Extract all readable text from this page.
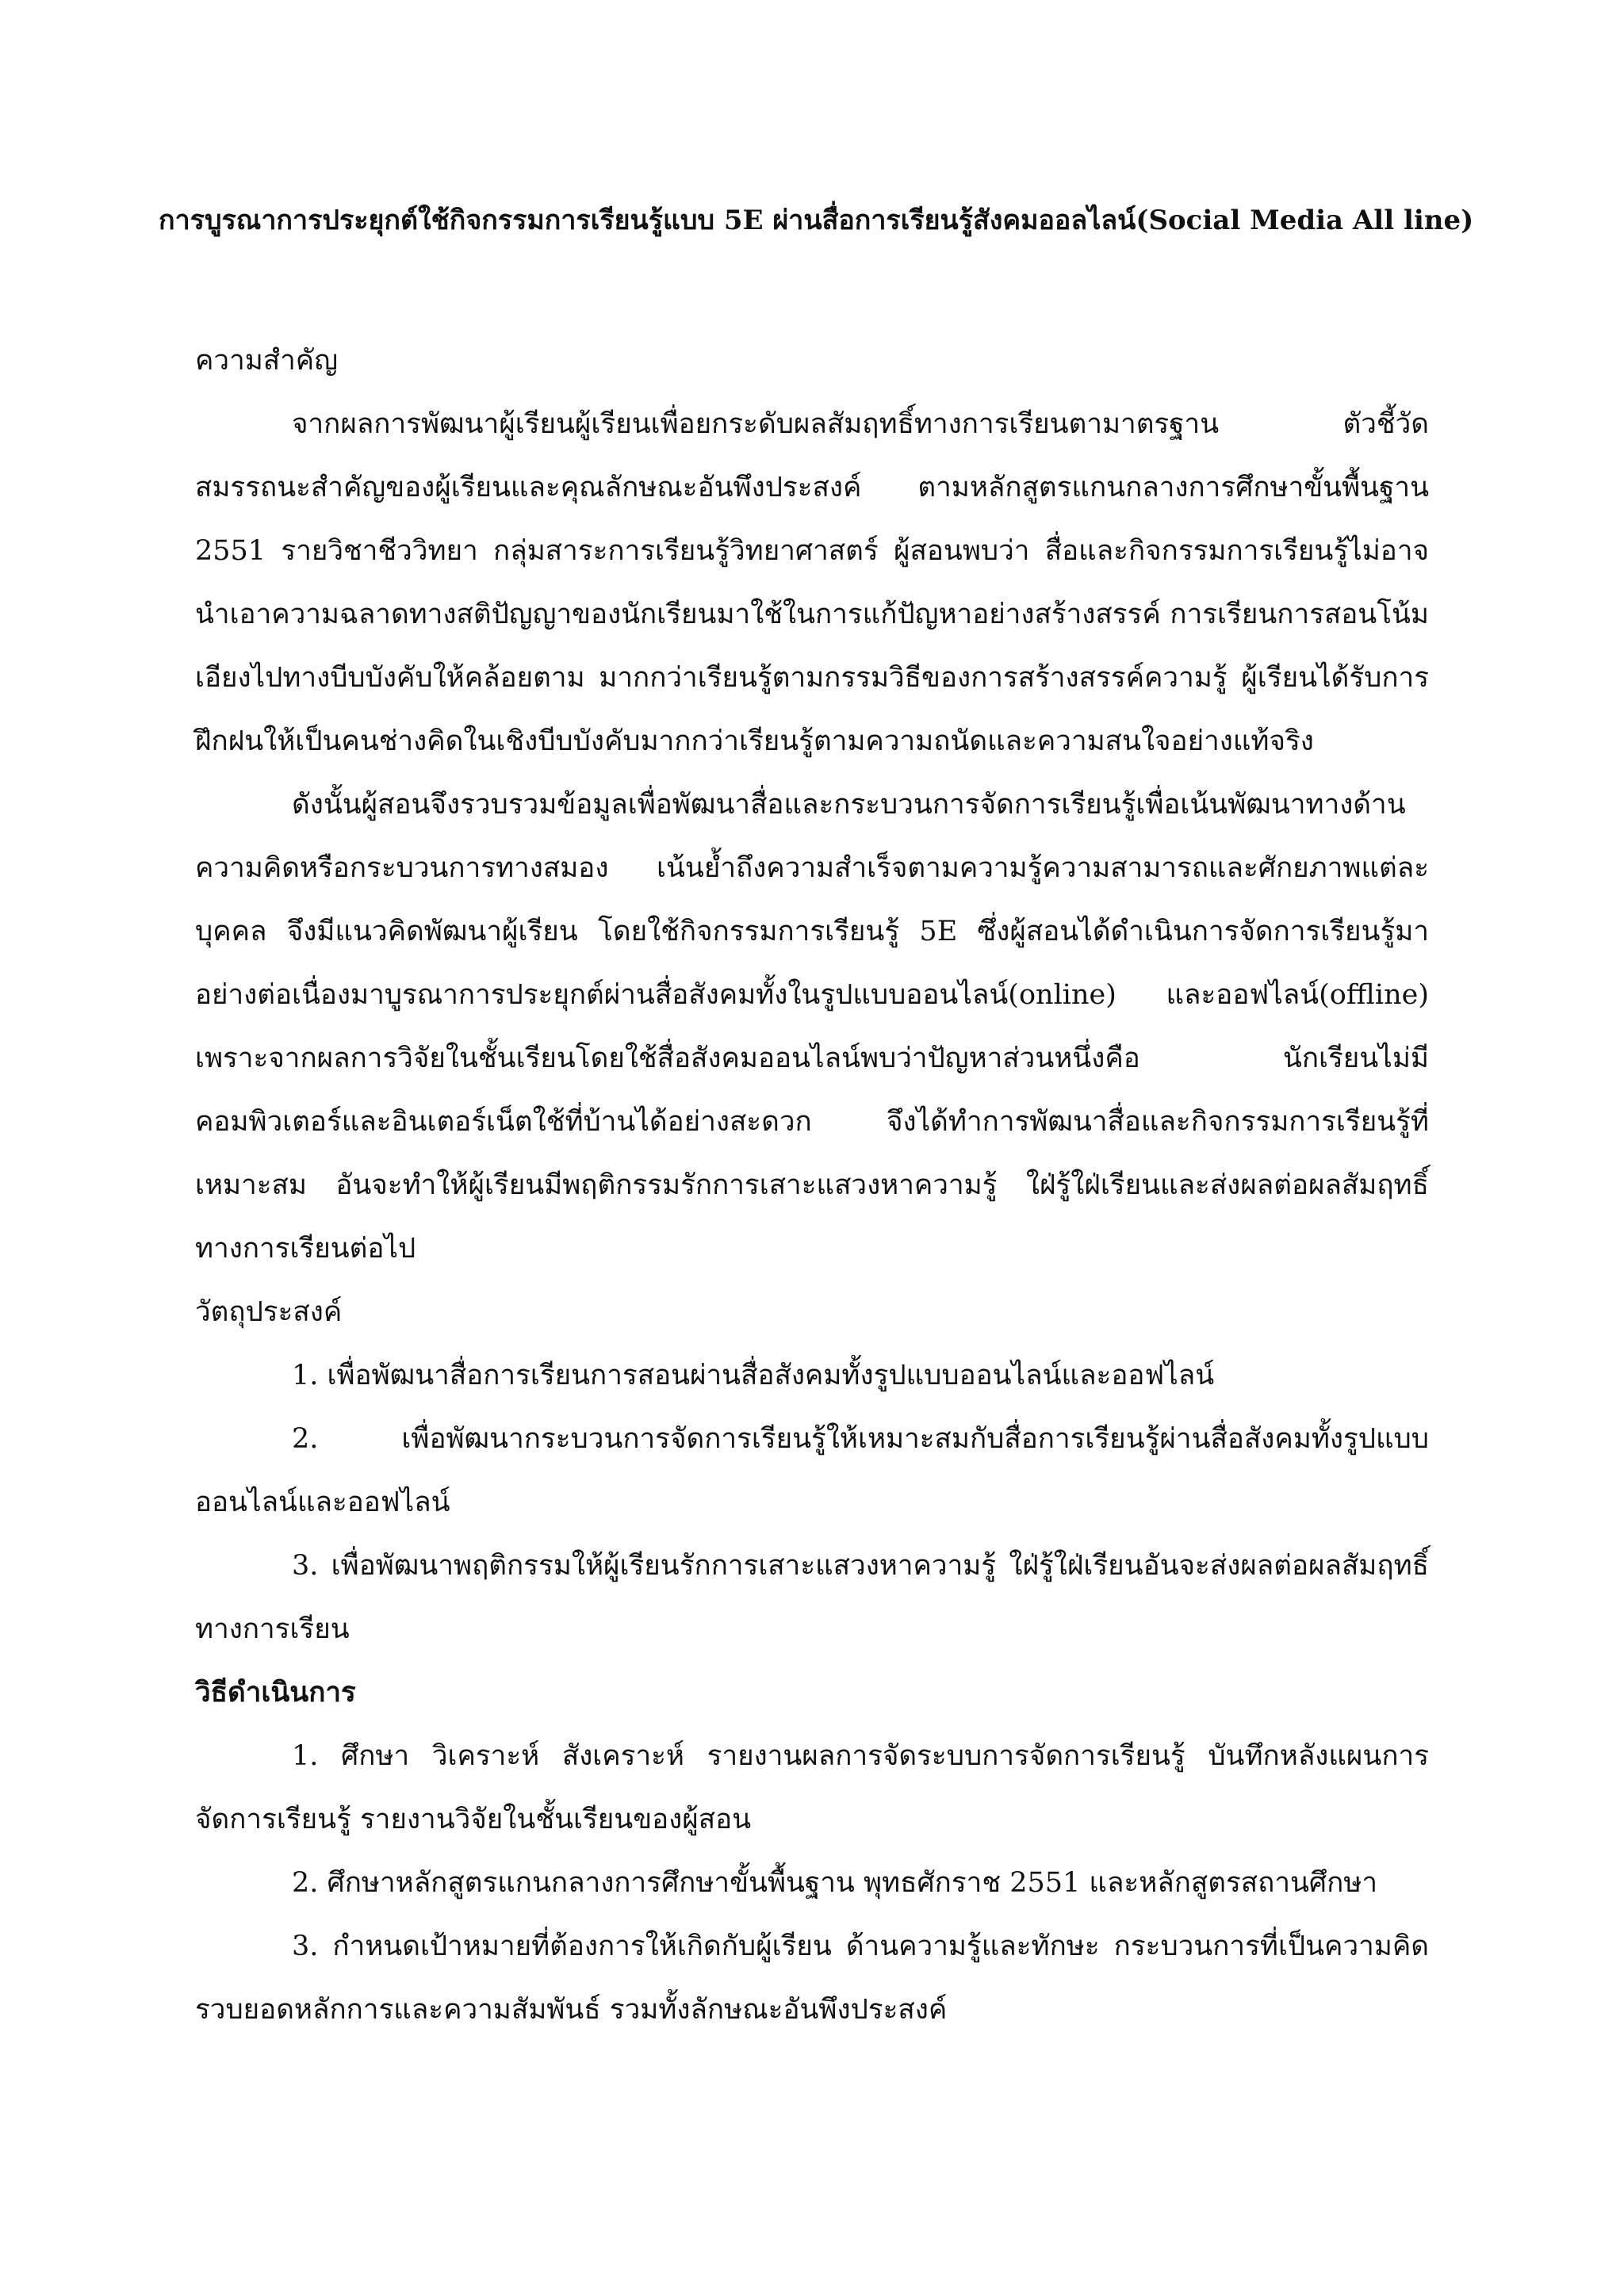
การบูรณาการประยุกต์ใช้กิจกรรมการเรียนรู้แบบ 5E ผ่านสื่อการเรียนรู้สังคมออลไลน์(Social Media All line)

ความสำคัญ

จากผลการพัฒนาผู้เรียนผู้เรียนเพื่อยกระดับผลสัมฤทธิ์ทางการเรียนตามาตรฐาน ตัวชี้วัด สมรรถนะสำคัญของผู้เรียนและคุณลักษณะอันพึงประสงค์ ตามหลักสูตรแกนกลางการศึกษาขั้นพื้นฐาน 2551 รายวิชาชีววิทยา กลุ่มสาระการเรียนรู้วิทยาศาสตร์ ผู้สอนพบว่า สื่อและกิจกรรมการเรียนรู้ไม่อาจนำเอาความฉลาดทางสติปัญญาของนักเรียนมาใช้ในการแก้ปัญหาอย่างสร้างสรรค์ การเรียนการสอนโน้มเอียงไปทางบีบบังคับให้คล้อยตาม มากกว่าเรียนรู้ตามกรรมวิธีของการสร้างสรรค์ความรู้ ผู้เรียนได้รับการฝึกฝนให้เป็นคนช่างคิดในเชิงบีบบังคับมากกว่าเรียนรู้ตามความถนัดและความสนใจอย่างแท้จริง

ดังนั้นผู้สอนจึงรวบรวมข้อมูลเพื่อพัฒนาสื่อและกระบวนการจัดการเรียนรู้เพื่อเน้นพัฒนาทางด้านความคิดหรือกระบวนการทางสมอง เน้นย้ำถึงความสำเร็จตามความรู้ความสามารถและศักยภาพแต่ละบุคคล จึงมีแนวคิดพัฒนาผู้เรียน โดยใช้กิจกรรมการเรียนรู้ 5E ซึ่งผู้สอนได้ดำเนินการจัดการเรียนรู้มาอย่างต่อเนื่องมาบูรณาการประยุกต์ผ่านสื่อสังคมทั้งในรูปแบบออนไลน์(online) และออฟไลน์(offline) เพราะจากผลการวิจัยในชั้นเรียนโดยใช้สื่อสังคมออนไลน์พบว่าปัญหาส่วนหนึ่งคือ นักเรียนไม่มีคอมพิวเตอร์และอินเตอร์เน็ตใช้ที่บ้านได้อย่างสะดวก จึงได้ทำการพัฒนาสื่อและกิจกรรมการเรียนรู้ที่เหมาะสม อันจะทำให้ผู้เรียนมีพฤติกรรมรักการเสาะแสวงหาความรู้ ใฝ่รู้ใฝ่เรียนและส่งผลต่อผลสัมฤทธิ์ทางการเรียนต่อไป

วัตถุประสงค์

1. เพื่อพัฒนาสื่อการเรียนการสอนผ่านสื่อสังคมทั้งรูปแบบออนไลน์และออฟไลน์

2. เพื่อพัฒนากระบวนการจัดการเรียนรู้ให้เหมาะสมกับสื่อการเรียนรู้ผ่านสื่อสังคมทั้งรูปแบบออนไลน์และออฟไลน์

3. เพื่อพัฒนาพฤติกรรมให้ผู้เรียนรักการเสาะแสวงหาความรู้ ใฝ่รู้ใฝ่เรียนอันจะส่งผลต่อผลสัมฤทธิ์ทางการเรียน

วิธีดำเนินการ

1. ศึกษา วิเคราะห์ สังเคราะห์ รายงานผลการจัดระบบการจัดการเรียนรู้ บันทึกหลังแผนการจัดการเรียนรู้ รายงานวิจัยในชั้นเรียนของผู้สอน

2. ศึกษาหลักสูตรแกนกลางการศึกษาขั้นพื้นฐาน พุทธศักราช 2551 และหลักสูตรสถานศึกษา

3. กำหนดเป้าหมายที่ต้องการให้เกิดกับผู้เรียน ด้านความรู้และทักษะ กระบวนการที่เป็นความคิดรวบยอดหลักการและความสัมพันธ์ รวมทั้งลักษณะอันพึงประสงค์
